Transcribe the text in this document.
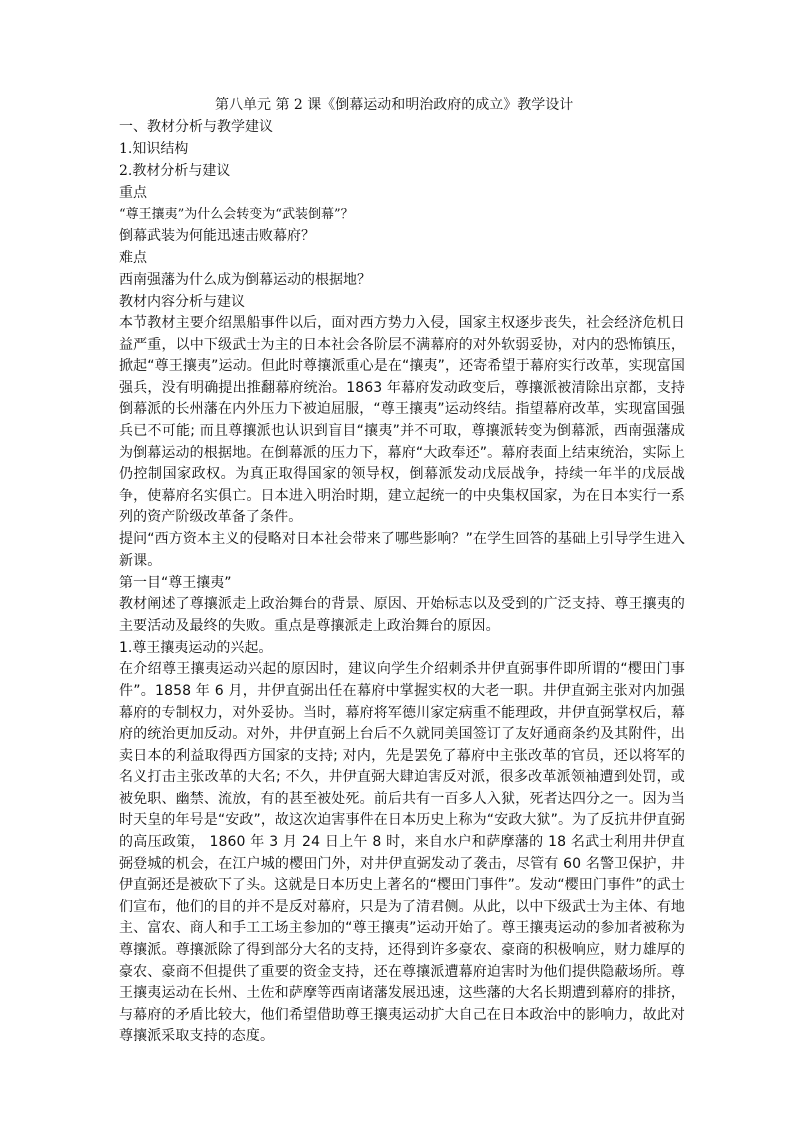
第八单元 第 2 课《倒幕运动和明治政府的成立》教学设计
一、教材分析与教学建议
1.知识结构
2.教材分析与建议
重点
“尊王攘夷”为什么会转变为“武装倒幕”？
倒幕武装为何能迅速击败幕府？
难点
西南强藩为什么成为倒幕运动的根据地？
教材内容分析与建议
本节教材主要介绍黑船事件以后，面对西方势力入侵，国家主权逐步丧失，社会经济危机日益严重，以中下级武士为主的日本社会各阶层不满幕府的对外软弱妥协，对内的恐怖镇压，掀起“尊王攘夷”运动。但此时尊攘派重心是在“攘夷”，还寄希望于幕府实行改革，实现富国强兵，没有明确提出推翻幕府统治。1863 年幕府发动政变后，尊攘派被清除出京都，支持倒幕派的长州藩在内外压力下被迫屈服，“尊王攘夷”运动终结。指望幕府改革，实现富国强兵已不可能; 而且尊攘派也认识到盲目“攘夷”并不可取，尊攘派转变为倒幕派，西南强藩成为倒幕运动的根据地。在倒幕派的压力下，幕府“大政奉还”。幕府表面上结束统治，实际上仍控制国家政权。为真正取得国家的领导权，倒幕派发动戊辰战争，持续一年半的戊辰战争，使幕府名实俱亡。日本进入明治时期，建立起统一的中央集权国家，为在日本实行一系列的资产阶级改革备了条件。
提问“西方资本主义的侵略对日本社会带来了哪些影响？”在学生回答的基础上引导学生进入新课。
第一目“尊王攘夷”
教材阐述了尊攘派走上政治舞台的背景、原因、开始标志以及受到的广泛支持、尊王攘夷的主要活动及最终的失败。重点是尊攘派走上政治舞台的原因。
1.尊王攘夷运动的兴起。
在介绍尊王攘夷运动兴起的原因时，建议向学生介绍刺杀井伊直弼事件即所谓的“樱田门事件”。1858 年 6 月，井伊直弼出任在幕府中掌握实权的大老一职。井伊直弼主张对内加强幕府的专制权力，对外妥协。当时，幕府将军德川家定病重不能理政，井伊直弼掌权后，幕府的统治更加反动。对外，井伊直弼上台后不久就同美国签订了友好通商条约及其附件，出卖日本的利益取得西方国家的支持; 对内，先是罢免了幕府中主张改革的官员，还以将军的名义打击主张改革的大名; 不久，井伊直弼大肆迫害反对派，很多改革派领袖遭到处罚，或被免职、幽禁、流放，有的甚至被处死。前后共有一百多人入狱，死者达四分之一。因为当时天皇的年号是“安政”，故这次迫害事件在日本历史上称为“安政大狱”。为了反抗井伊直弼的高压政策， 1860 年 3 月 24 日上午 8 时，来自水户和萨摩藩的 18 名武士利用井伊直弼登城的机会，在江户城的樱田门外，对井伊直弼发动了袭击，尽管有 60 名警卫保护，井伊直弼还是被砍下了头。这就是日本历史上著名的“樱田门事件”。发动“樱田门事件”的武士们宣布，他们的目的并不是反对幕府，只是为了清君侧。从此，以中下级武士为主体、有地主、富农、商人和手工工场主参加的“尊王攘夷”运动开始了。尊王攘夷运动的参加者被称为尊攘派。尊攘派除了得到部分大名的支持，还得到许多豪农、豪商的积极响应，财力雄厚的豪农、豪商不但提供了重要的资金支持，还在尊攘派遭幕府迫害时为他们提供隐蔽场所。尊王攘夷运动在长州、土佐和萨摩等西南诸藩发展迅速，这些藩的大名长期遭到幕府的排挤，与幕府的矛盾比较大，他们希望借助尊王攘夷运动扩大自己在日本政治中的影响力，故此对尊攘派采取支持的态度。
